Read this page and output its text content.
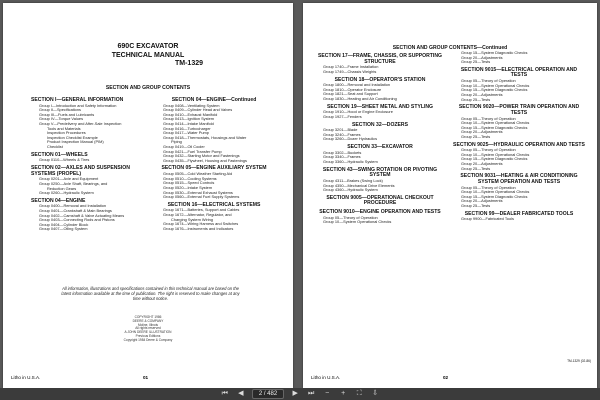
690C EXCAVATOR
TECHNICAL MANUAL
TM-1329
SECTION AND GROUP CONTENTS
SECTION I—GENERAL INFORMATION
Group I—Introduction and Safety Information
Group II—Specifications
Group III—Fuels and Lubricants
Group IV—Torque Values
Group V—Predelivery and After-Sale Inspection
Tools and Materials
Inspection Procedures
Inspection Checklist Example
Product Inspection Manual (PIM)
Checklist
SECTION 01—WHEELS
Group 0110—Wheels & Tires
SECTION 02—AXLES AND SUSPENSION SYSTEMS (PROPEL)
Group 0201—Axle and Equipment
Group 0250—Axle Shaft, Bearings, and
Reduction Gears
Group 0260—Hydraulic System
SECTION 04—ENGINE
Group 0400—Removal and Installation
Group 0401—Crankshaft & Main Bearings
Group 0402—Camshaft & Valve Actuating Means
Group 0403—Connecting Rods and Pistons
Group 0404—Cylinder Block
Group 0407—Oiling System
SECTION 04—ENGINE—Continued
Group 0408—Ventilating System
Group 0409—Cylinder Head and Valves
Group 0410—Exhaust Manifold
Group 0413—Ignition System
Group 0414—Intake Manifold
Group 0416—Turbocharger
Group 0417—Water Pump
Group 0418—Thermostats, Housings and Water
Piping
Group 0419—Oil Cooler
Group 0421—Fuel Transfer Pump
Group 0432—Starting Motor and Fastenings
Group 0435—Flywheel, Housing and Fastenings
SECTION 05—ENGINE AUXILIARY SYSTEM
Group 0505—Cold Weather Starting Aid
Group 0510—Cooling Systems
Group 0515—Speed Controls
Group 0520—Intake System
Group 0530—External Exhaust Systems
Group 0560—External Fuel Supply Systems
SECTION 16—ELECTRICAL SYSTEMS
Group 1671—Batteries, Support and Cables
Group 1672—Alternator, Regulator, and
Charging System Wiring
Group 1674—Wiring Harness and Switches
Group 1676—Instruments and Indicators
All information, illustrations and specifications contained in this technical manual are based on the latest information available at the time of publication. The right is reserved to make changes at any time without notice.
COPYRIGHT 1986
DEERE & COMPANY
Moline, Illinois
All rights reserved
A JOHN DEERE ILLUSTRATION
Previous Editions
Copyright 1984 Deere & Company
Litho in U.S.A.	01
SECTION AND GROUP CONTENTS—Continued
SECTION 17—FRAME, CHASSIS, OR SUPPORTING STRUCTURE
Group 1740—Frame Installation
Group 1749—Chassis Weights
SECTION 18—OPERATOR'S STATION
Group 1800—Removal and Installation
Group 1810—Operator Enclosure
Group 1821—Seat and Support
Group 1830—Heating and Air Conditioning
SECTION 19—SHEET METAL AND STYLING
Group 1910—Hood or Engine Enclosure
Group 1927—Fenders
SECTION 32—DOZERS
Group 3201—Blade
Group 3240—Frames
Group 3260—Dozer Hydraulics
SECTION 33—EXCAVATOR
Group 3302—Buckets
Group 3340—Frames
Group 3360—Hydraulic System
SECTION 43—SWING ROTATION OR PIVOTING SYSTEM
Group 4311—Brakes (Swing Lock)
Group 4350—Mechanical Drive Elements
Group 4360—Hydraulic System
SECTION 9005—OPERATIONAL CHECKOUT PROCEDURE
SECTION 9010—ENGINE OPERATION AND TESTS
Group 05—Theory of Operation
Group 10—System Operational Checks
Group 15—System Diagnostic Checks
Group 20—Adjustments
Group 25—Tests
SECTION 9015—ELECTRICAL OPERATION AND TESTS
Group 05—Theory of Operation
Group 10—System Operational Checks
Group 15—System Diagnostic Checks
Group 20—Adjustments
Group 25—Tests
SECTION 9020—POWER TRAIN OPERATION AND TESTS
Group 05—Theory of Operation
Group 10—System Operational Checks
Group 15—System Diagnostic Checks
Group 20—Adjustments
Group 25—Tests
SECTION 9025—HYDRAULIC OPERATION AND TESTS
Group 05—Theory of Operation
Group 10—System Operational Checks
Group 15—System Diagnostic Checks
Group 20—Adjustments
Group 25—Tests
SECTION 9031—HEATING & AIR CONDITIONING SYSTEM OPERATION AND TESTS
Group 05—Theory of Operation
Group 10—System Operational Checks
Group 15—System Diagnostic Checks
Group 20—Adjustments
Group 25—Tests
SECTION 99—DEALER FABRICATED TOOLS
Group 9900—Fabricated Tools
TM-1329 (02-86)
Litho in U.S.A.	02
⏮	◀	2 / 482	▶	⏭	−	+	⛶	⇩
